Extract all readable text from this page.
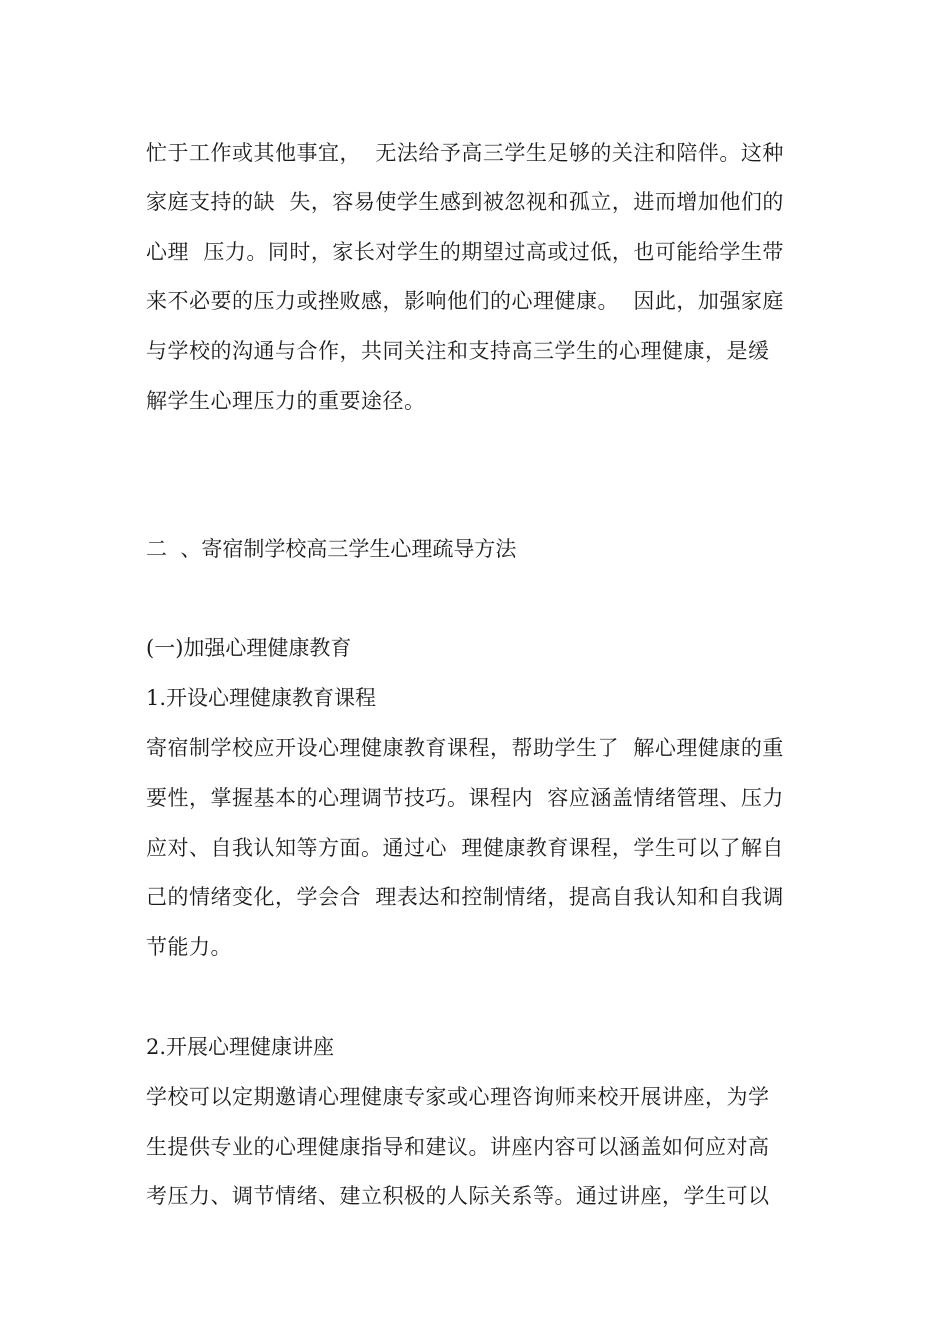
忙于工作或其他事宜，  无法给予高三学生足够的关注和陪伴。这种
家庭支持的缺  失，容易使学生感到被忽视和孤立，进而增加他们的
心理  压力。同时，家长对学生的期望过高或过低，也可能给学生带
来不必要的压力或挫败感，影响他们的心理健康。  因此，加强家庭
与学校的沟通与合作，共同关注和支持高三学生的心理健康，是缓
解学生心理压力的重要途径。
二  、寄宿制学校高三学生心理疏导方法
(一)加强心理健康教育
1.开设心理健康教育课程
寄宿制学校应开设心理健康教育课程，帮助学生了  解心理健康的重
要性，掌握基本的心理调节技巧。课程内  容应涵盖情绪管理、压力
应对、自我认知等方面。通过心  理健康教育课程，学生可以了解自
己的情绪变化，学会合  理表达和控制情绪，提高自我认知和自我调
节能力。
2.开展心理健康讲座
学校可以定期邀请心理健康专家或心理咨询师来校开展讲座，为学
生提供专业的心理健康指导和建议。讲座内容可以涵盖如何应对高
考压力、调节情绪、建立积极的人际关系等。通过讲座，学生可以
